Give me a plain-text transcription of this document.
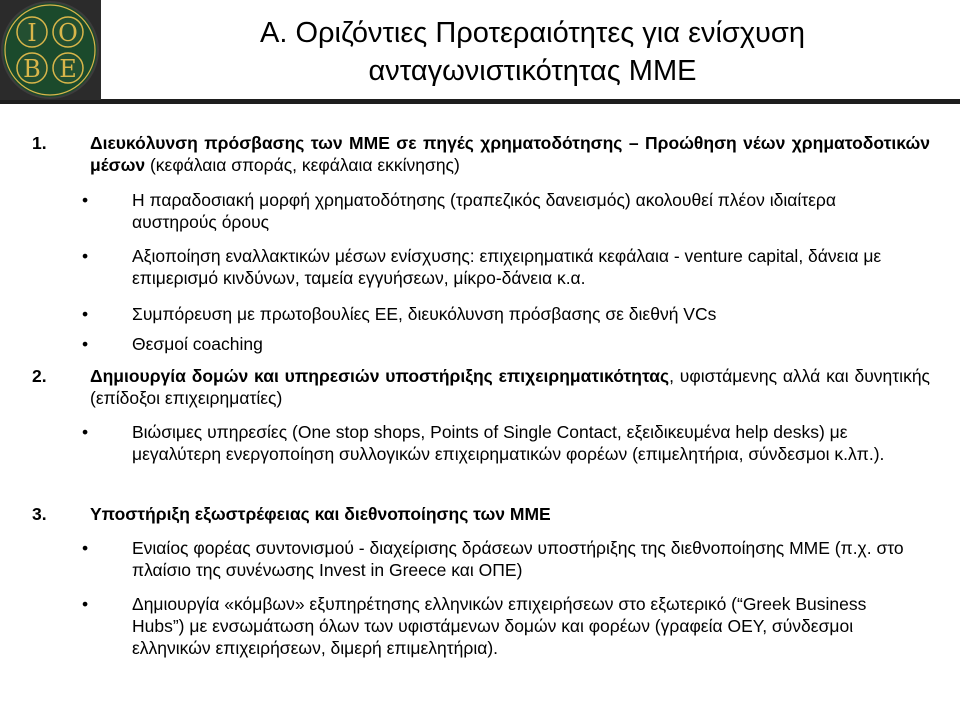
I O
B E
A. Οριζόντιες Προτεραιότητες για ενίσχυση
ανταγωνιστικότητας ΜΜΕ
1. Διευκόλυνση πρόσβασης των ΜΜΕ σε πηγές χρηματοδότησης – Προώθηση νέων χρηματοδοτικών μέσων (κεφάλαια σποράς, κεφάλαια εκκίνησης)
•	Η παραδοσιακή μορφή χρηματοδότησης (τραπεζικός δανεισμός) ακολουθεί πλέον ιδιαίτερα αυστηρούς όρους
•	Αξιοποίηση εναλλακτικών μέσων ενίσχυσης: επιχειρηματικά κεφάλαια - venture capital, δάνεια με επιμερισμό κινδύνων, ταμεία εγγυήσεων, μίκρο-δάνεια κ.α.
•	Συμπόρευση με πρωτοβουλίες ΕΕ, διευκόλυνση πρόσβασης σε διεθνή VCs
•	Θεσμοί coaching
2. Δημιουργία δομών και υπηρεσιών υποστήριξης επιχειρηματικότητας, υφιστάμενης αλλά και δυνητικής (επίδοξοι επιχειρηματίες)
•	Βιώσιμες υπηρεσίες (One stop shops, Points of Single Contact, εξειδικευμένα help desks) με μεγαλύτερη ενεργοποίηση συλλογικών επιχειρηματικών φορέων (επιμελητήρια, σύνδεσμοι κ.λπ.).
3. Υποστήριξη εξωστρέφειας και διεθνοποίησης των ΜΜΕ
•	Ενιαίος φορέας συντονισμού - διαχείρισης δράσεων υποστήριξης της διεθνοποίησης ΜΜΕ (π.χ. στο πλαίσιο της συνένωσης Invest in Greece και ΟΠΕ)
•	Δημιουργία «κόμβων» εξυπηρέτησης ελληνικών επιχειρήσεων στο εξωτερικό (“Greek Business Hubs”) με ενσωμάτωση όλων των υφιστάμενων δομών και φορέων (γραφεία ΟΕΥ, σύνδεσμοι ελληνικών επιχειρήσεων, διμερή επιμελητήρια).
